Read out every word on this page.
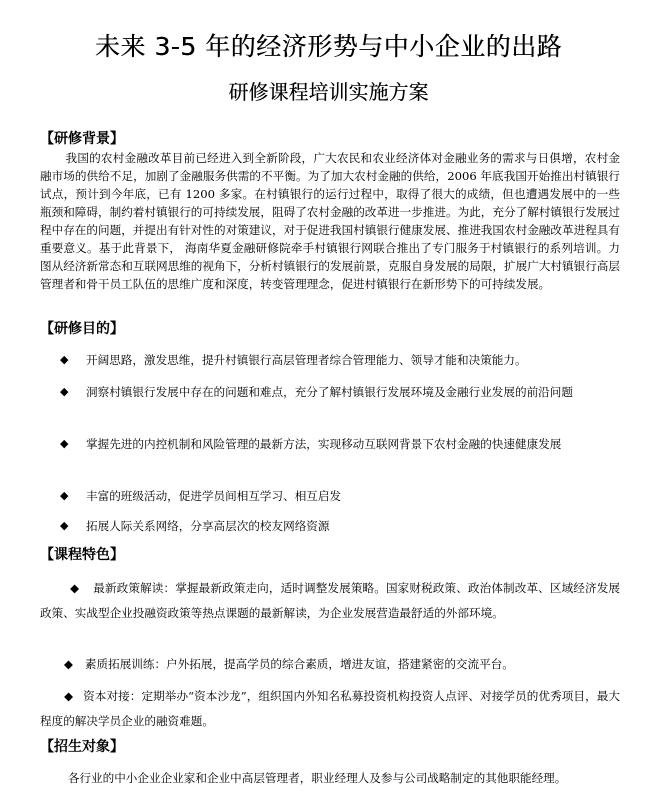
未来 3-5 年的经济形势与中小企业的出路
研修课程培训实施方案

【研修背景】

我国的农村金融改革目前已经进入到全新阶段，广大农民和农业经济体对金融业务的需求与日俱增，农村金融市场的供给不足，加剧了金融服务供需的不平衡。为了加大农村金融的供给，2006 年底我国开始推出村镇银行试点，预计到今年底，已有 1200 多家。在村镇银行的运行过程中，取得了很大的成绩，但也遭遇发展中的一些瓶颈和障碍，制约着村镇银行的可持续发展，阻碍了农村金融的改革进一步推进。为此，充分了解村镇银行发展过程中存在的问题，并提出有针对性的对策建议，对于促进我国村镇银行健康发展、推进我国农村金融改革进程具有重要意义。基于此背景下， 海南华夏金融研修院牵手村镇银行网联合推出了专门服务于村镇银行的系列培训。力图从经济新常态和互联网思维的视角下，分析村镇银行的发展前景，克服自身发展的局限，扩展广大村镇银行高层管理者和骨干员工队伍的思维广度和深度，转变管理理念，促进村镇银行在新形势下的可持续发展。

【研修目的】

◆ 开阔思路，激发思维，提升村镇银行高层管理者综合管理能力、领导才能和决策能力。
◆ 洞察村镇银行发展中存在的问题和难点，充分了解村镇银行发展环境及金融行业发展的前沿问题
◆ 掌握先进的内控机制和风险管理的最新方法，实现移动互联网背景下农村金融的快速健康发展
◆ 丰富的班级活动，促进学员间相互学习、相互启发
◆ 拓展人际关系网络，分享高层次的校友网络资源

【课程特色】

◆ 最新政策解读：掌握最新政策走向，适时调整发展策略。国家财税政策、政治体制改革、区域经济发展政策、实战型企业投融资政策等热点课题的最新解读，为企业发展营造最舒适的外部环境。

◆ 素质拓展训练：户外拓展，提高学员的综合素质，增进友谊，搭建紧密的交流平台。

◆ 资本对接：定期举办“资本沙龙”，组织国内外知名私募投资机构投资人点评、对接学员的优秀项目，最大程度的解决学员企业的融资难题。

【招生对象】

各行业的中小企业企业家和企业中高层管理者，职业经理人及参与公司战略制定的其他职能经理。
